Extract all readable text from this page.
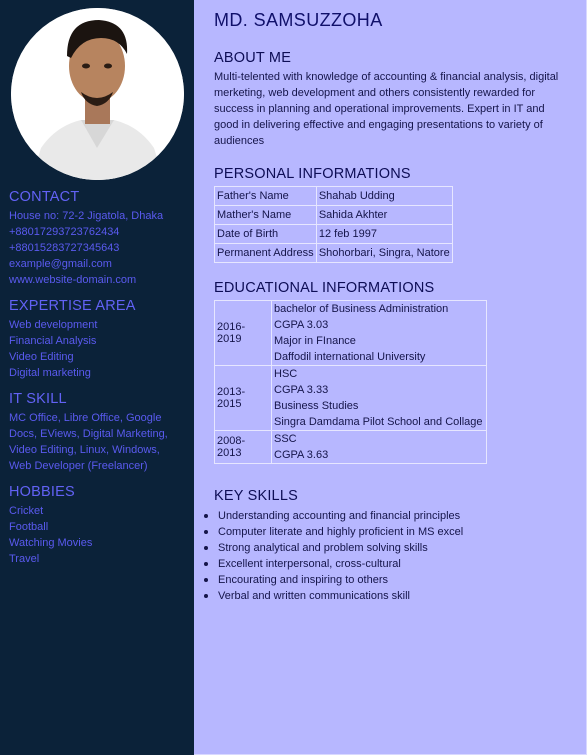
CONTACT
House no: 72-2 Jigatola, Dhaka
+88017293723762434
+88015283727345643
example@gmail.com
www.website-domain.com
EXPERTISE AREA
Web development
Financial Analysis
Video Editing
Digital marketing
IT SKILL
MC Office, Libre Office, Google
Docs, EViews, Digital Marketing,
Video Editing, Linux, Windows,
Web Developer (Freelancer)
HOBBIES
Cricket
Football
Watching Movies
Travel
MD. SAMSUZZOHA
ABOUT ME
Multi-telented with knowledge of accounting & financial analysis, digital merketing, web development and others consistently rewarded for success in planning and operational improvements. Expert in IT and good in delivering effective and engaging presentations to variety of audiences
PERSONAL INFORMATIONS
Father's Name	Shahab Udding
Mather's Name	Sahida Akhter
Date of Birth	12 feb 1997
Permanent Address	Shohorbari, Singra, Natore
EDUCATIONAL INFORMATIONS
2016-2019	bachelor of Business Administration
CGPA 3.03
Major in FInance
Daffodil international University

2013-2015	HSC
CGPA 3.33
Business Studies
Singra Damdama Pilot School and Collage

2008-2013	SSC
CGPA 3.63
KEY SKILLS
Understanding accounting and financial principles
Computer literate and highly proficient in MS excel
Strong analytical and problem solving skills
Excellent interpersonal, cross-cultural
Encourating and inspiring to others
Verbal and written communications skill
